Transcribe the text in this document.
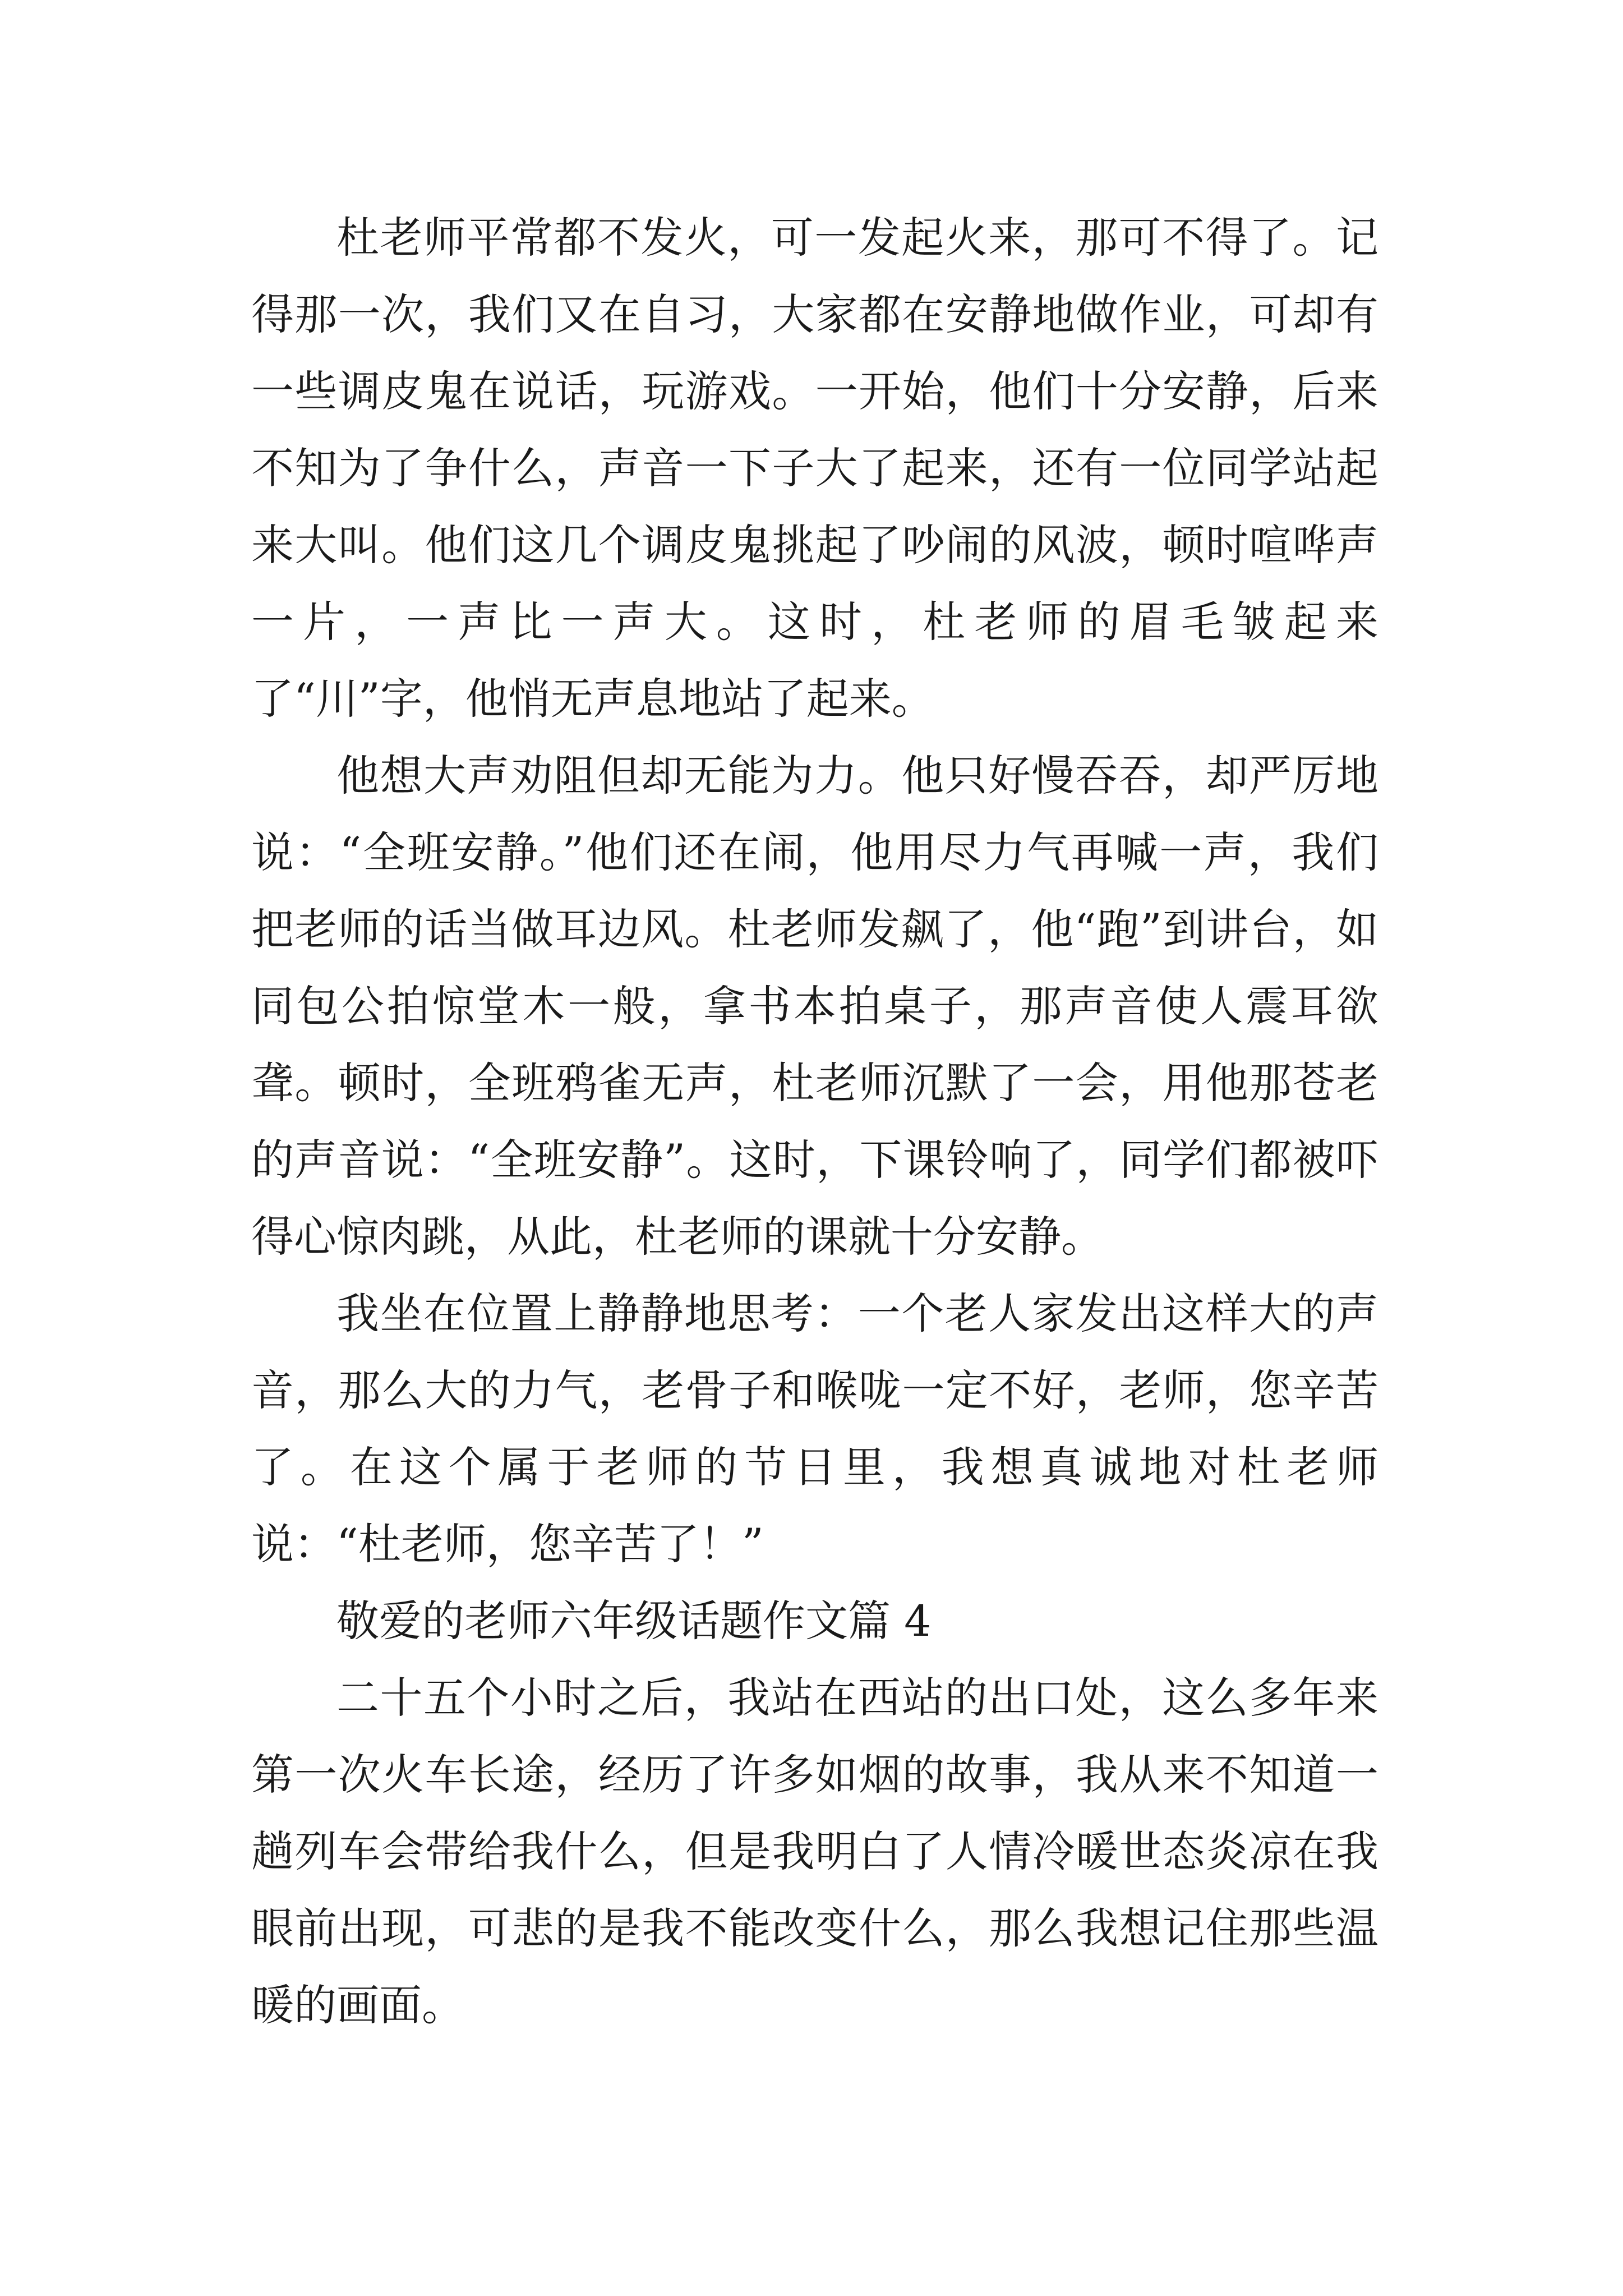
杜老师平常都不发火，可一发起火来，那可不得了。记得那一次，我们又在自习，大家都在安静地做作业，可却有一些调皮鬼在说话，玩游戏。一开始，他们十分安静，后来不知为了争什么，声音一下子大了起来，还有一位同学站起来大叫。他们这几个调皮鬼挑起了吵闹的风波，顿时喧哗声一片，一声比一声大。这时，杜老师的眉毛皱起来了“川”字，他悄无声息地站了起来。

他想大声劝阻但却无能为力。他只好慢吞吞，却严厉地说：“全班安静。”他们还在闹，他用尽力气再喊一声，我们把老师的话当做耳边风。杜老师发飙了，他“跑”到讲台，如同包公拍惊堂木一般，拿书本拍桌子，那声音使人震耳欲聋。顿时，全班鸦雀无声，杜老师沉默了一会，用他那苍老的声音说：“全班安静”。这时，下课铃响了，同学们都被吓得心惊肉跳，从此，杜老师的课就十分安静。

我坐在位置上静静地思考：一个老人家发出这样大的声音，那么大的力气，老骨子和喉咙一定不好，老师，您辛苦了。在这个属于老师的节日里，我想真诚地对杜老师说：“杜老师，您辛苦了！”

敬爱的老师六年级话题作文篇 4

二十五个小时之后，我站在西站的出口处，这么多年来第一次火车长途，经历了许多如烟的故事，我从来不知道一趟列车会带给我什么，但是我明白了人情冷暖世态炎凉在我眼前出现，可悲的是我不能改变什么，那么我想记住那些温暖的画面。
